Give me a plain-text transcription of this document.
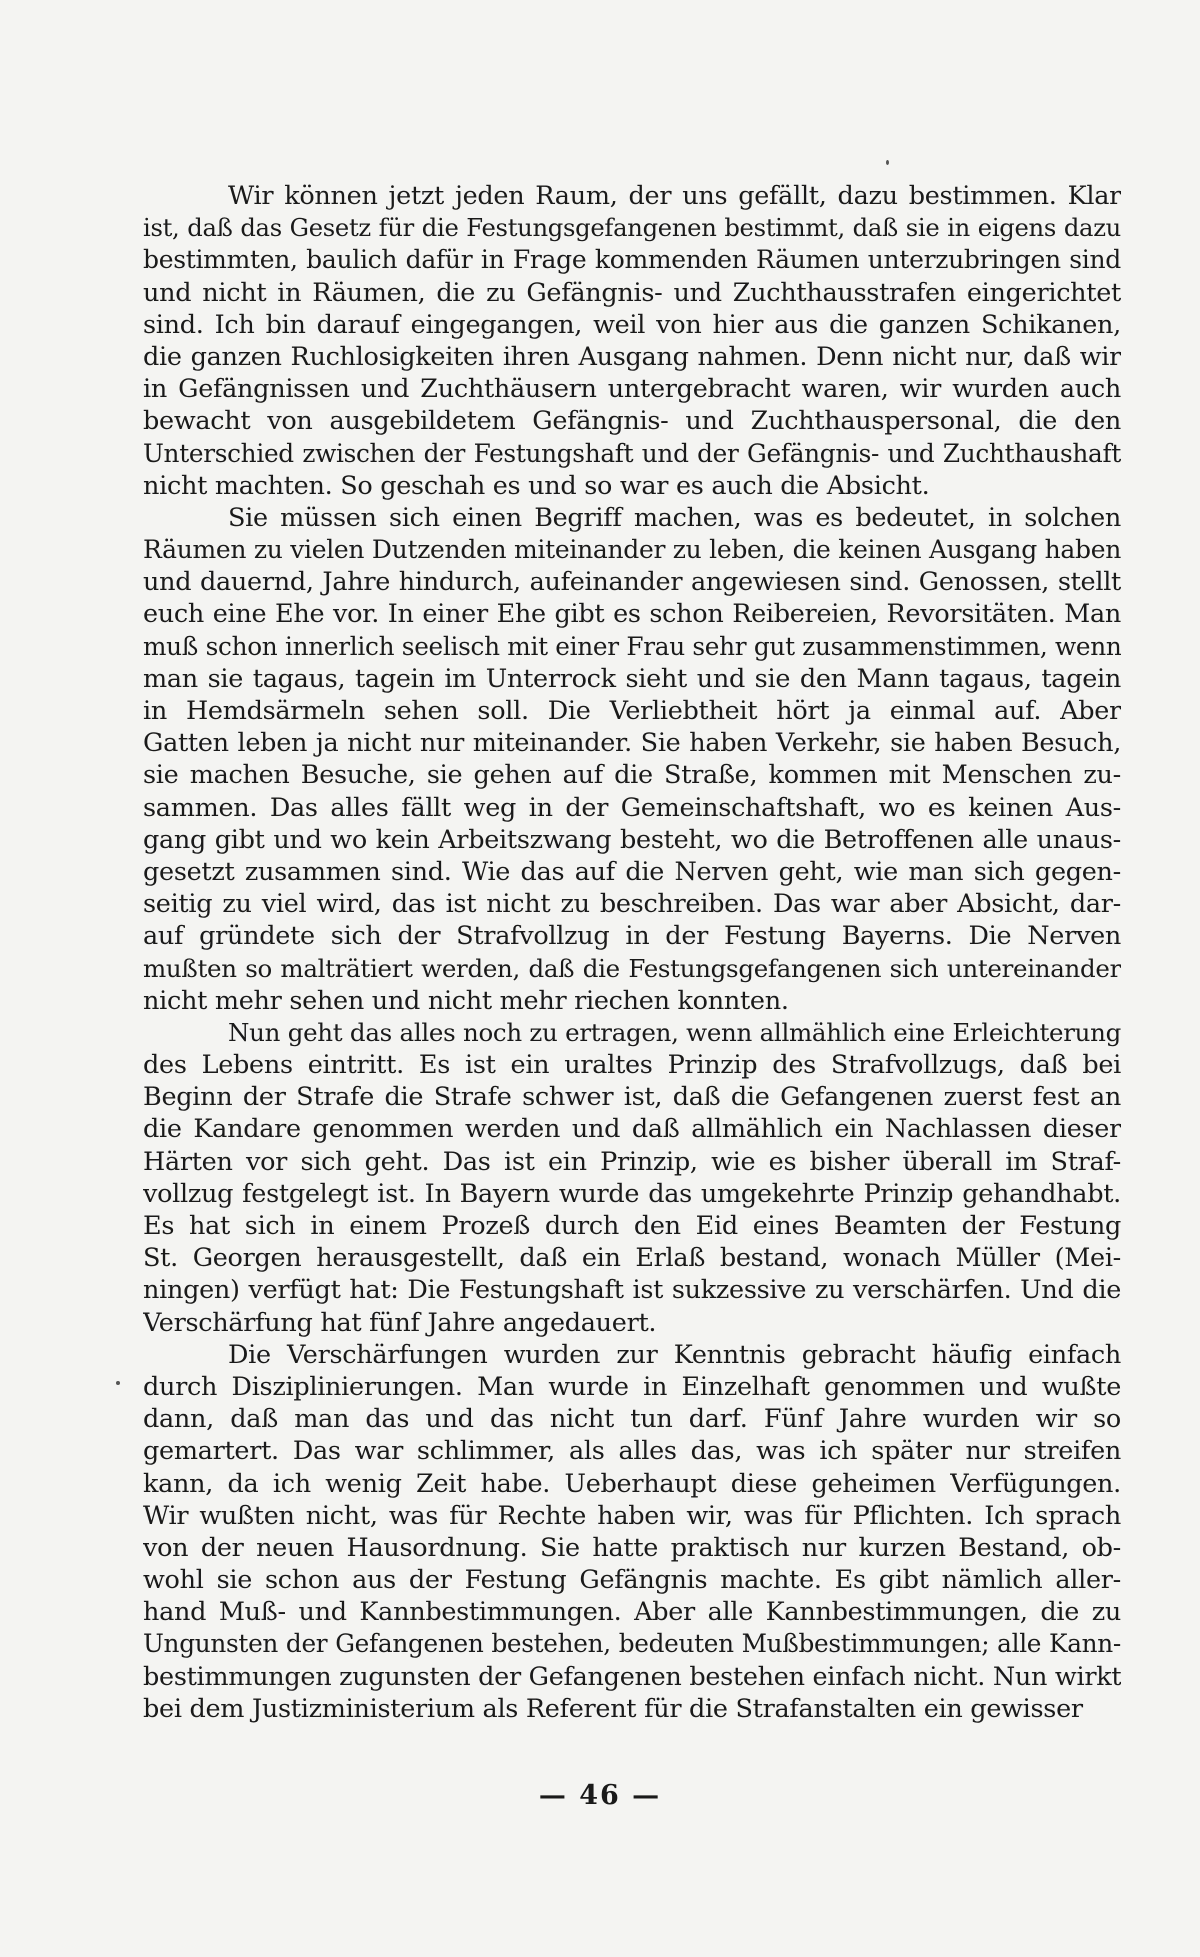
Wir können jetzt jeden Raum, der uns gefällt, dazu bestimmen. Klar
ist, daß das Gesetz für die Festungsgefangenen bestimmt, daß sie in eigens dazu
bestimmten, baulich dafür in Frage kommenden Räumen unterzubringen sind
und nicht in Räumen, die zu Gefängnis- und Zuchthausstrafen eingerichtet
sind. Ich bin darauf eingegangen, weil von hier aus die ganzen Schikanen,
die ganzen Ruchlosigkeiten ihren Ausgang nahmen. Denn nicht nur, daß wir
in Gefängnissen und Zuchthäusern untergebracht waren, wir wurden auch
bewacht von ausgebildetem Gefängnis- und Zuchthauspersonal, die den
Unterschied zwischen der Festungshaft und der Gefängnis- und Zuchthaushaft
nicht machten. So geschah es und so war es auch die Absicht.
Sie müssen sich einen Begriff machen, was es bedeutet, in solchen
Räumen zu vielen Dutzenden miteinander zu leben, die keinen Ausgang haben
und dauernd, Jahre hindurch, aufeinander angewiesen sind. Genossen, stellt
euch eine Ehe vor. In einer Ehe gibt es schon Reibereien, Revorsitäten. Man
muß schon innerlich seelisch mit einer Frau sehr gut zusammenstimmen, wenn
man sie tagaus, tagein im Unterrock sieht und sie den Mann tagaus, tagein
in Hemdsärmeln sehen soll. Die Verliebtheit hört ja einmal auf. Aber
Gatten leben ja nicht nur miteinander. Sie haben Verkehr, sie haben Besuch,
sie machen Besuche, sie gehen auf die Straße, kommen mit Menschen zu-
sammen. Das alles fällt weg in der Gemeinschaftshaft, wo es keinen Aus-
gang gibt und wo kein Arbeitszwang besteht, wo die Betroffenen alle unaus-
gesetzt zusammen sind. Wie das auf die Nerven geht, wie man sich gegen-
seitig zu viel wird, das ist nicht zu beschreiben. Das war aber Absicht, dar-
auf gründete sich der Strafvollzug in der Festung Bayerns. Die Nerven
mußten so malträtiert werden, daß die Festungsgefangenen sich untereinander
nicht mehr sehen und nicht mehr riechen konnten.
Nun geht das alles noch zu ertragen, wenn allmählich eine Erleichterung
des Lebens eintritt. Es ist ein uraltes Prinzip des Strafvollzugs, daß bei
Beginn der Strafe die Strafe schwer ist, daß die Gefangenen zuerst fest an
die Kandare genommen werden und daß allmählich ein Nachlassen dieser
Härten vor sich geht. Das ist ein Prinzip, wie es bisher überall im Straf-
vollzug festgelegt ist. In Bayern wurde das umgekehrte Prinzip gehandhabt.
Es hat sich in einem Prozeß durch den Eid eines Beamten der Festung
St. Georgen herausgestellt, daß ein Erlaß bestand, wonach Müller (Mei-
ningen) verfügt hat: Die Festungshaft ist sukzessive zu verschärfen. Und die
Verschärfung hat fünf Jahre angedauert.
Die Verschärfungen wurden zur Kenntnis gebracht häufig einfach
durch Disziplinierungen. Man wurde in Einzelhaft genommen und wußte
dann, daß man das und das nicht tun darf. Fünf Jahre wurden wir so
gemartert. Das war schlimmer, als alles das, was ich später nur streifen
kann, da ich wenig Zeit habe. Ueberhaupt diese geheimen Verfügungen.
Wir wußten nicht, was für Rechte haben wir, was für Pflichten. Ich sprach
von der neuen Hausordnung. Sie hatte praktisch nur kurzen Bestand, ob-
wohl sie schon aus der Festung Gefängnis machte. Es gibt nämlich aller-
hand Muß- und Kannbestimmungen. Aber alle Kannbestimmungen, die zu
Ungunsten der Gefangenen bestehen, bedeuten Mußbestimmungen; alle Kann-
bestimmungen zugunsten der Gefangenen bestehen einfach nicht. Nun wirkt
bei dem Justizministerium als Referent für die Strafanstalten ein gewisser
— 46 —
